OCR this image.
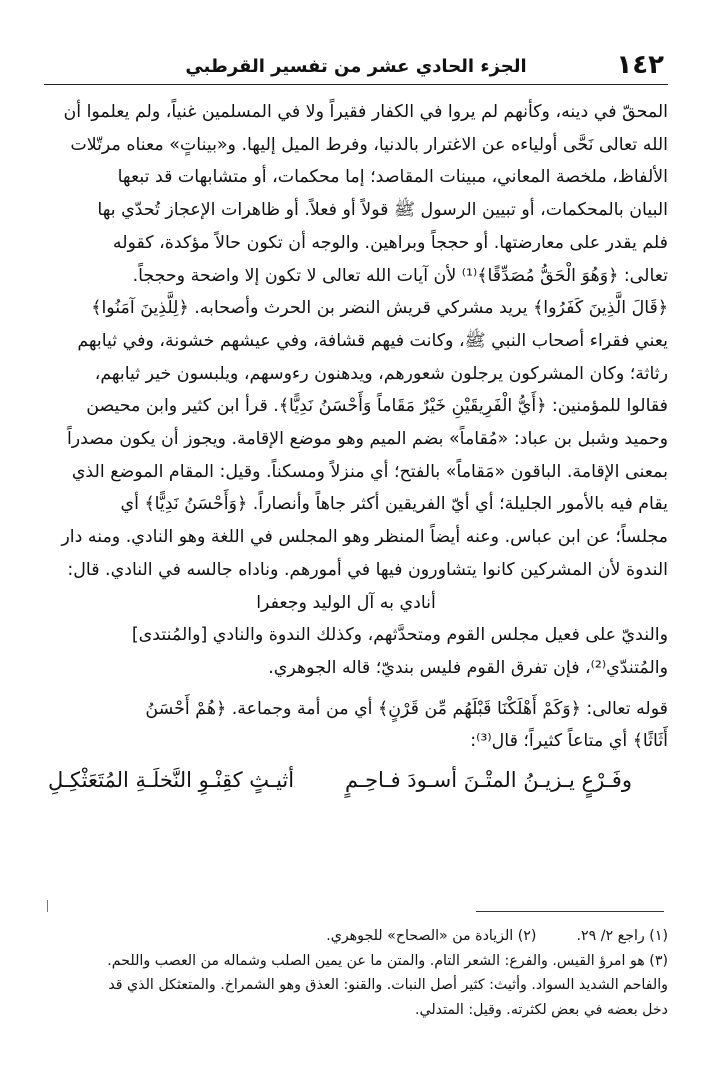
١٤٢
الجزء الحادي عشر من تفسير القرطبي

المحقّ في دينه، وكأنهم لم يروا في الكفار فقيراً ولا في المسلمين غنياً، ولم يعلموا أن

الله تعالى نَحَّى أولياءه عن الاغترار بالدنيا، وفرط الميل إليها. و«بيناتٍ» معناه مرتّلات

الألفاظ، ملخصة المعاني، مبينات المقاصد؛ إما محكمات، أو متشابهات قد تبعها

البيان بالمحكمات، أو تبيين الرسول ﷺ قولاً أو فعلاً. أو ظاهرات الإعجاز تُحدّي بها

فلم يقدر على معارضتها. أو حججاً وبراهين. والوجه أن تكون حالاً مؤكدة، كقوله

تعالى: ﴿وَهُوَ الْحَقُّ مُصَدِّقًا﴾⁽¹⁾ لأن آيات الله تعالى لا تكون إلا واضحة وحججاً.

﴿قَالَ الَّذِينَ كَفَرُوا﴾ يريد مشركي قريش النضر بن الحرث وأصحابه. ﴿لِلَّذِينَ آمَنُوا﴾

يعني فقراء أصحاب النبي ﷺ، وكانت فيهم قشافة، وفي عيشهم خشونة، وفي ثيابهم

رثاثة؛ وكان المشركون يرجلون شعورهم، ويدهنون رءوسهم، ويلبسون خير ثيابهم،

فقالوا للمؤمنين: ﴿أَيُّ الْفَرِيقَيْنِ خَيْرٌ مَقَاماً وَأَحْسَنُ نَدِيًّا﴾. قرأ ابن كثير وابن محيصن

وحميد وشبل بن عباد: «مُقاماً» بضم الميم وهو موضع الإقامة. ويجوز أن يكون مصدراً

بمعنى الإقامة. الباقون «مَقاماً» بالفتح؛ أي منزلاً ومسكناً. وقيل: المقام الموضع الذي

يقام فيه بالأمور الجليلة؛ أي أيّ الفريقين أكثر جاهاً وأنصاراً. ﴿وَأَحْسَنُ نَدِيًّا﴾ أي

مجلساً؛ عن ابن عباس. وعنه أيضاً المنظر وهو المجلس في اللغة وهو النادي. ومنه دار

الندوة لأن المشركين كانوا يتشاورون فيها في أمورهم. وناداه جالسه في النادي. قال:

أنادي به آل الوليد وجعفرا

والنديّ على فعيل مجلس القوم ومتحدَّثهم، وكذلك الندوة والنادي [والمُنتدى]

والمُتندّي⁽²⁾، فإن تفرق القوم فليس بنديّ؛ قاله الجوهري.

قوله تعالى: ﴿وَكَمْ أَهْلَكْنَا قَبْلَهُم مِّن قَرْنٍ﴾ أي من أمة وجماعة. ﴿هُمْ أَحْسَنُ

أَثَاثًا﴾ أي متاعاً كثيراً؛ قال⁽³⁾:

وفَـرْعٍ يـزيـنُ المتْـنَ أسـودَ فـاحِـمٍ
أثيـثٍ كقِنْـوِ النَّخلَـةِ المُتَعَثْكِـلِ
(١) راجع ٢/ ٢٩.
(٢) الزيادة من «الصحاح» للجوهري.

(٣) هو امرؤ القيس. والفرع: الشعر التام. والمتن ما عن يمين الصلب وشماله من العصب واللحم.

والفاحم الشديد السواد. وأثيث: كثير أصل النبات. والقنو: العذق وهو الشمراخ. والمتعثكل الذي قد

دخل بعضه في بعض لكثرته. وقيل: المتدلي.
